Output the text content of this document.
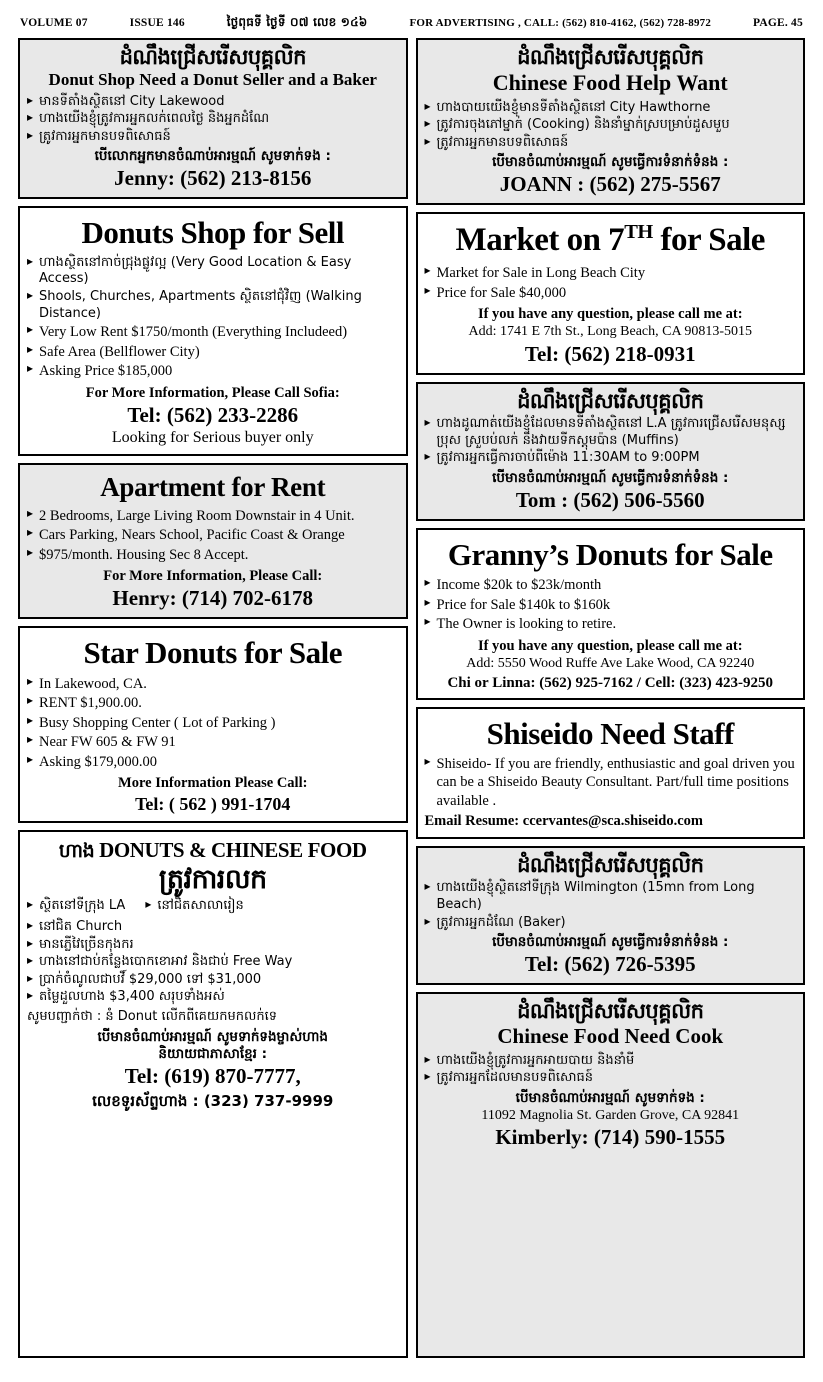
VOLUME 07	ISSUE 146	ថ្ងៃពុធទី ថ្ងៃទី ០៧ លេខ ១៤៦	FOR ADVERTISING , CALL: (562) 810-4162, (562) 728-8972	PAGE. 45
ដំណឹងជ្រើសរើសបុគ្គលិក
Donut Shop Need a Donut Seller and a Baker
▸ មានទីតាំងស្ថិតនៅ City Lakewood
▸ ហាងយើងខ្ញុំត្រូវការអ្នកលក់ពេលថ្ងៃ និងអ្នកដំណែ
▸ ត្រូវការអ្នកមានបទពិសោធន៍
បើលោកអ្នកមានចំណាប់អារម្មណ៍ សូមទាក់ទង :
Jenny: (562) 213-8156
Donuts Shop for Sell
▸ ហាងស្ថិតនៅកាច់ជ្រុងផ្លូវល្អ (Very Good Location & Easy Access)
▸ Shools, Churches, Apartments ស្ថិតនៅជុំវិញ (Walking Distance)
▸ Very Low Rent $1750/month (Everything Includeed)
▸ Safe Area (Bellflower City)
▸ Asking Price $185,000
For More Information, Please Call Sofia:
Tel: (562) 233-2286
Looking for Serious buyer only
Apartment for Rent
▸ 2 Bedrooms, Large Living Room Downstair in 4 Unit.
▸ Cars Parking, Nears School, Pacific Coast & Orange
▸ $975/month. Housing Sec 8 Accept.
For More Information, Please Call:
Henry: (714) 702-6178
Star Donuts for Sale
▸ In Lakewood, CA.
▸ RENT $1,900.00.
▸ Busy Shopping Center ( Lot of Parking )
▸ Near FW 605 & FW 91
▸ Asking $179,000.00
More Information Please Call:
Tel: ( 562 ) 991-1704
ហាង DONUTS & CHINESE FOOD
ត្រូវការលក
▸ ស្ថិតនៅទីក្រុង LA	▸ នៅជិតសាលារៀន
▸ នៅជិត Church
▸ មានភ្លើវៃច្រើនកុងករ
▸ ហាងនៅជាប់កន្លែងបោកខោអាវ និងជាប់ Free Way
▸ ប្រាក់ចំណូលជាបវិ៍ $29,000 ទៅ $31,000
▸ តម្លៃដួលហាង $3,400 សរុបទាំងអស់
សូមបញ្ជាក់ថា : នំ Donut លើកពីគេយកមកលក់ទេ
បើមានចំណាប់អារម្មណ៍ សូមទាក់ទងម្ចាស់ហាង
និយាយជាភាសាខ្មែរ :
Tel: (619) 870-7777,
លេខទូរស័ព្ទហាង : (323) 737-9999
ដំណឹងជ្រើសរើសបុគ្គលិក
Chinese Food Help Want
▸ ហាងបាយយើងខ្ញុំមានទីតាំងស្ថិតនៅ City Hawthorne
▸ ត្រូវការចុងភៅម្នាក់ (Cooking) និងនាំម្នាក់ស្របម្រាប់ដួសមួប
▸ ត្រូវការអ្នកមានបទពិសោធន៍
បើមានចំណាប់អារម្មណ៍ សូមធ្វើការទំនាក់ទំនង :
JOANN : (562) 275-5567
Market on 7TH for Sale
▸ Market for Sale in Long Beach City
▸ Price for Sale $40,000
If you have any question, please call me at:
Add: 1741 E 7th St., Long Beach, CA 90813-5015
Tel: (562) 218-0931
ដំណឹងជ្រើសរើសបុគ្គលិក
▸ ហាងដូណាត់យើងខ្ញុំដែលមានទីតាំងស្ថិតនៅ L.A ត្រូវការជ្រើសរើសមនុស្សប្រុស ស្រួបប់លក់ និងវាយទីកស្តុមប៉ាន (Muffins)
▸ ត្រូវការអ្នកធ្វើការចាប់ពីម៉ោង 11:30AM to 9:00PM
បើមានចំណាប់អារម្មណ៍ សូមធ្វើការទំនាក់ទំនង :
Tom : (562) 506-5560
Granny’s Donuts for Sale
▸ Income $20k to $23k/month
▸ Price for Sale $140k to $160k
▸ The Owner is looking to retire.
If you have any question, please call me at:
Add: 5550 Wood Ruffe Ave Lake Wood, CA 92240
Chi or Linna: (562) 925-7162 / Cell: (323) 423-9250
Shiseido Need Staff
▸ Shiseido- If you are friendly, enthusiastic and goal driven you can be a Shiseido Beauty Consultant. Part/full time positions available .
Email Resume: ccervantes@sca.shiseido.com
ដំណឹងជ្រើសរើសបុគ្គលិក
▸ ហាងយើងខ្ញុំស្ថិតនៅទីក្រុង Wilmington (15mn from Long Beach)
▸ ត្រូវការអ្នកដំណែ (Baker)
បើមានចំណាប់អារម្មណ៍ សូមធ្វើការទំនាក់ទំនង :
Tel: (562) 726-5395
ដំណឹងជ្រើសរើសបុគ្គលិក
Chinese Food Need Cook
▸ ហាងយើងខ្ញុំត្រូវការអ្នកអាយបាយ និងនាំមី
▸ ត្រូវការអ្នកដែលមានបទពិសោធន៍
បើមានចំណាប់អារម្មណ៍ សូមទាក់ទង :
11092 Magnolia St. Garden Grove, CA 92841
Kimberly: (714) 590-1555
